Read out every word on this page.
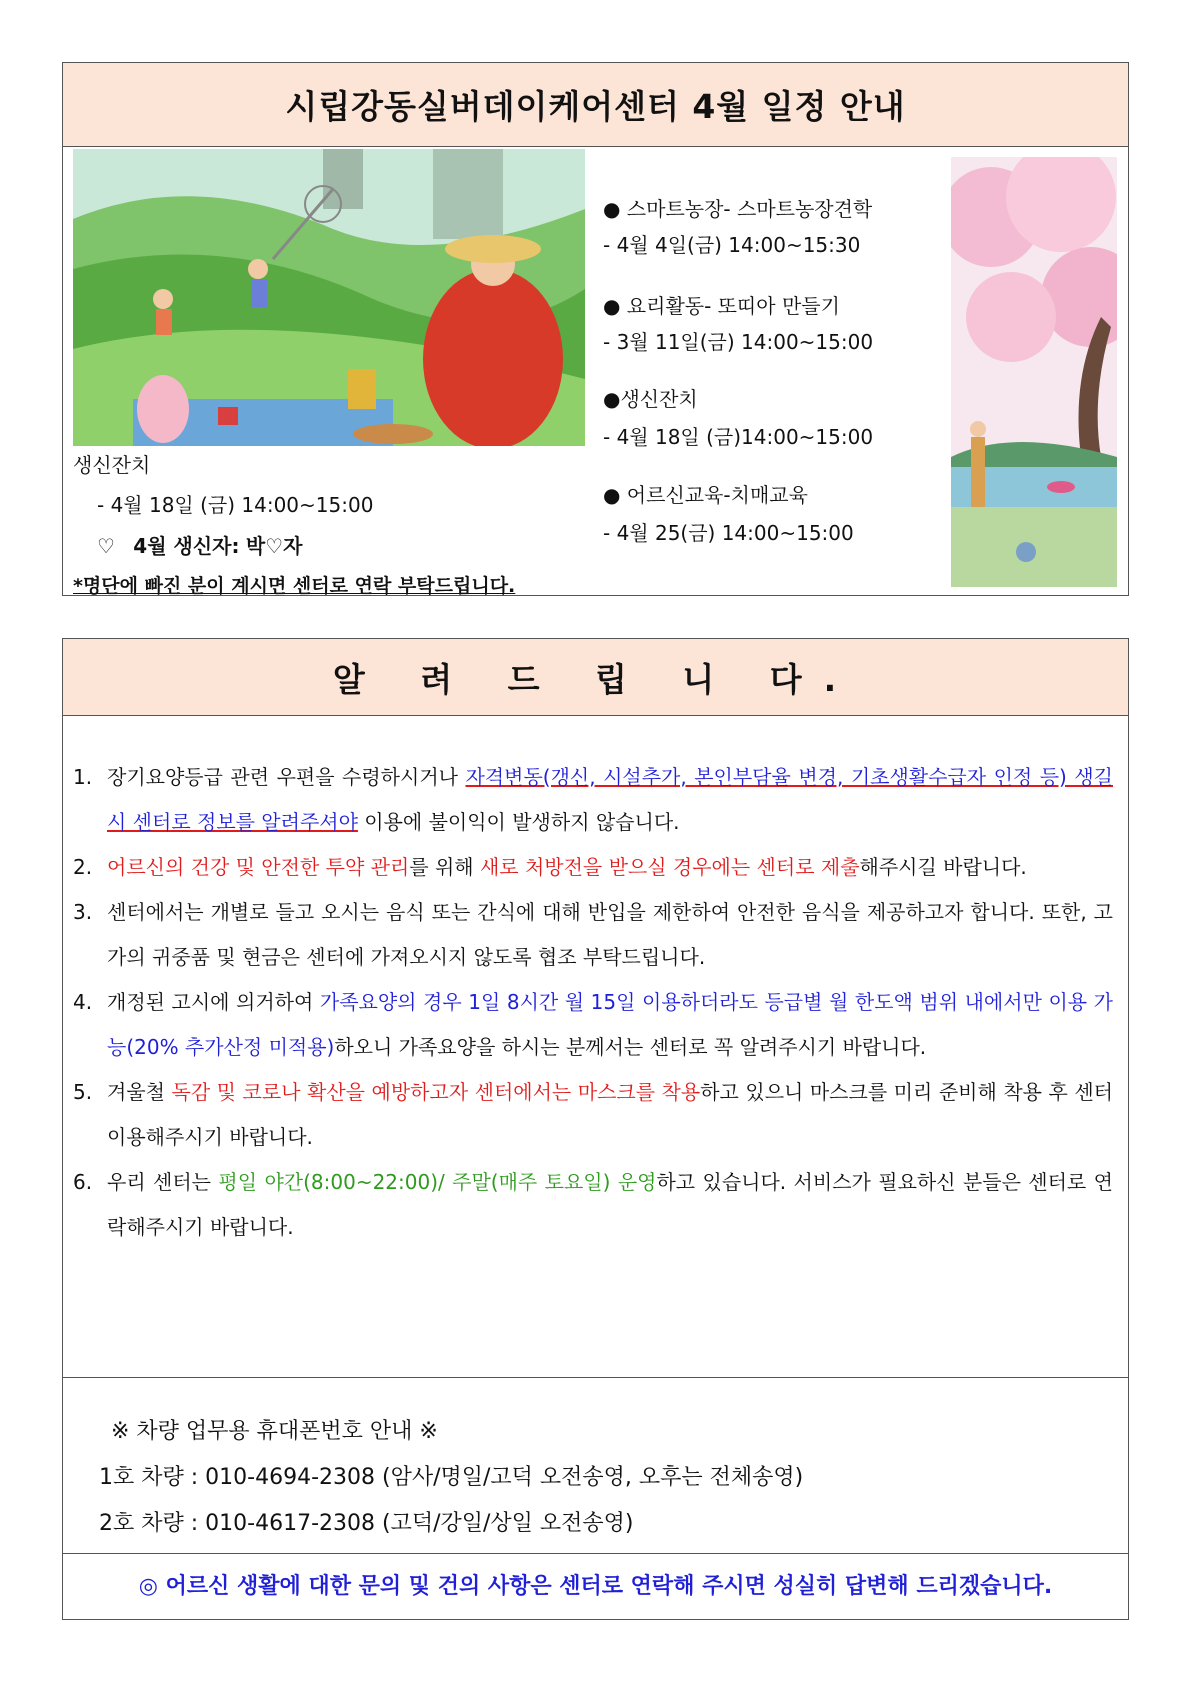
시립강동실버데이케어센터 4월 일정 안내
생신잔치
- 4월 18일 (금) 14:00~15:00
♡ 4월 생신자: 박♡자
*명단에 빠진 분이 계시면 센터로 연락 부탁드립니다.
● 스마트농장- 스마트농장견학
- 4월 4일(금) 14:00~15:30
● 요리활동- 또띠아 만들기
- 3월 11일(금) 14:00~15:00
●생신잔치
- 4월 18일 (금)14:00~15:00
● 어르신교육-치매교육
- 4월 25(금) 14:00~15:00
알 려 드 립 니 다.
1. 장기요양등급 관련 우편을 수령하시거나 자격변동(갱신, 시설추가, 본인부담율 변경, 기초생활수급자 인정 등) 생길 시 센터로 정보를 알려주셔야 이용에 불이익이 발생하지 않습니다.
2. 어르신의 건강 및 안전한 투약 관리를 위해 새로 처방전을 받으실 경우에는 센터로 제출해주시길 바랍니다.
3. 센터에서는 개별로 들고 오시는 음식 또는 간식에 대해 반입을 제한하여 안전한 음식을 제공하고자 합니다. 또한, 고가의 귀중품 및 현금은 센터에 가져오시지 않도록 협조 부탁드립니다.
4. 개정된 고시에 의거하여 가족요양의 경우 1일 8시간 월 15일 이용하더라도 등급별 월 한도액 범위 내에서만 이용 가능(20% 추가산정 미적용)하오니 가족요양을 하시는 분께서는 센터로 꼭 알려주시기 바랍니다.
5. 겨울철 독감 및 코로나 확산을 예방하고자 센터에서는 마스크를 착용하고 있으니 마스크를 미리 준비해 착용 후 센터 이용해주시기 바랍니다.
6. 우리 센터는 평일 야간(8:00~22:00)/ 주말(매주 토요일) 운영하고 있습니다. 서비스가 필요하신 분들은 센터로 연락해주시기 바랍니다.
※ 차량 업무용 휴대폰번호 안내 ※
1호 차량 : 010-4694-2308 (암사/명일/고덕 오전송영, 오후는 전체송영)
2호 차량 : 010-4617-2308 (고덕/강일/상일 오전송영)
◎ 어르신 생활에 대한 문의 및 건의 사항은 센터로 연락해 주시면 성실히 답변해 드리겠습니다.
